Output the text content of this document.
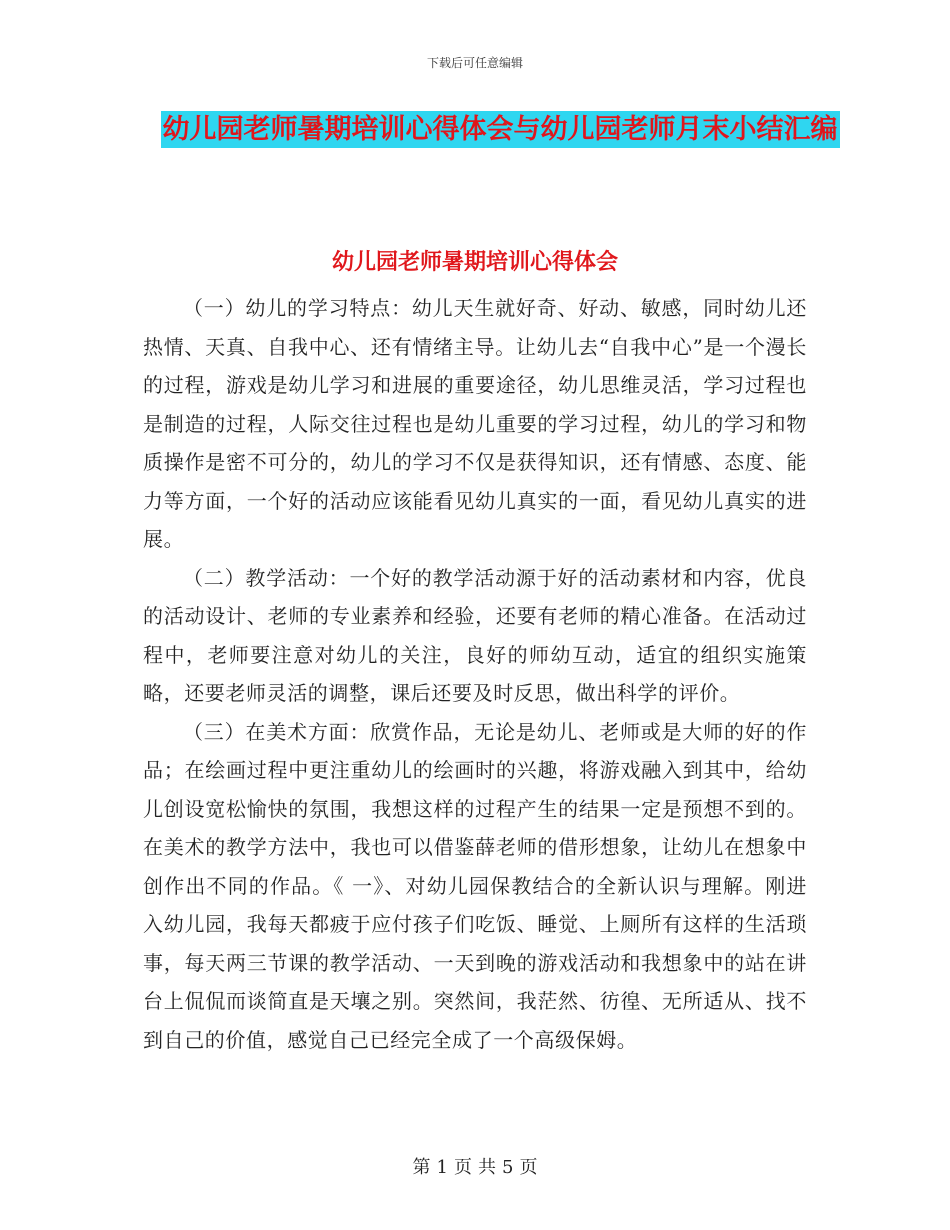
下载后可任意编辑
幼儿园老师暑期培训心得体会与幼儿园老师月末小结汇编
幼儿园老师暑期培训心得体会

（一）幼儿的学习特点：幼儿天生就好奇、好动、敏感，同时幼儿还热情、天真、自我中心、还有情绪主导。让幼儿去“自我中心”是一个漫长的过程，游戏是幼儿学习和进展的重要途径，幼儿思维灵活，学习过程也是制造的过程，人际交往过程也是幼儿重要的学习过程，幼儿的学习和物质操作是密不可分的，幼儿的学习不仅是获得知识，还有情感、态度、能力等方面，一个好的活动应该能看见幼儿真实的一面，看见幼儿真实的进展。

（二）教学活动：一个好的教学活动源于好的活动素材和内容，优良的活动设计、老师的专业素养和经验，还要有老师的精心准备。在活动过程中，老师要注意对幼儿的关注，良好的师幼互动，适宜的组织实施策略，还要老师灵活的调整，课后还要及时反思，做出科学的评价。

（三）在美术方面：欣赏作品，无论是幼儿、老师或是大师的好的作品；在绘画过程中更注重幼儿的绘画时的兴趣，将游戏融入到其中，给幼儿创设宽松愉快的氛围，我想这样的过程产生的结果一定是预想不到的。在美术的教学方法中，我也可以借鉴薛老师的借形想象，让幼儿在想象中创作出不同的作品。《 一》、对幼儿园保教结合的全新认识与理解。刚进入幼儿园，我每天都疲于应付孩子们吃饭、睡觉、上厕所有这样的生活琐事，每天两三节课的教学活动、一天到晚的游戏活动和我想象中的站在讲台上侃侃而谈简直是天壤之别。突然间，我茫然、彷徨、无所适从、找不到自己的价值，感觉自己已经完全成了一个高级保姆。

第 1 页 共 5 页
